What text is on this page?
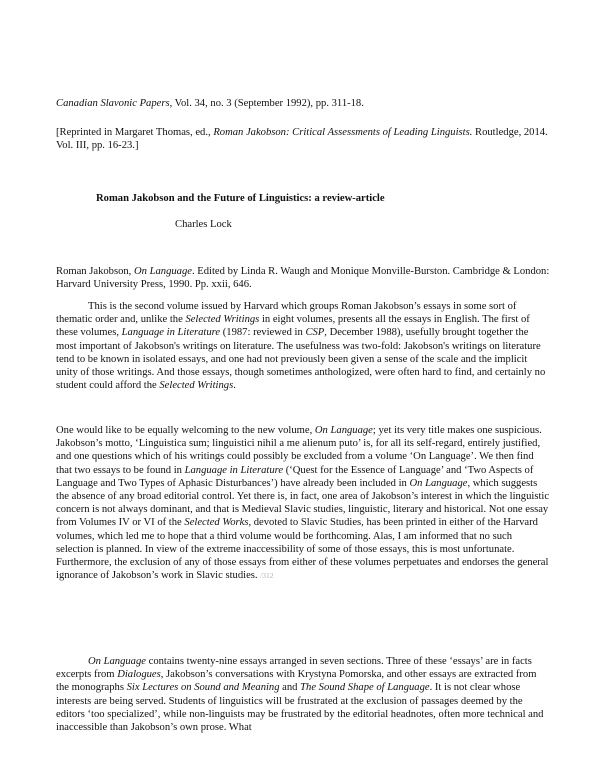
Canadian Slavonic Papers, Vol. 34, no. 3 (September 1992), pp. 311-18.

[Reprinted in Margaret Thomas, ed., Roman Jakobson: Critical Assessments of Leading Linguists. Routledge, 2014. Vol. III, pp. 16-23.]

Roman Jakobson and the Future of Linguistics: a review-article

Charles Lock

Roman Jakobson, On Language. Edited by Linda R. Waugh and Monique Monville-Burston. Cambridge & London: Harvard University Press, 1990. Pp. xxii, 646.

This is the second volume issued by Harvard which groups Roman Jakobson’s essays in some sort of thematic order and, unlike the Selected Writings in eight volumes, presents all the essays in English. The first of these volumes, Language in Literature (1987: reviewed in CSP, December 1988), usefully brought together the most important of Jakobson's writings on literature. The usefulness was two-fold: Jakobson's writings on literature tend to be known in isolated essays, and one had not previously been given a sense of the scale and the implicit unity of those writings. And those essays, though sometimes anthologized, were often hard to find, and certainly no student could afford the Selected Writings.

One would like to be equally welcoming to the new volume, On Language; yet its very title makes one suspicious. Jakobson’s motto, ‘Linguistica sum; linguistici nihil a me alienum puto’ is, for all its self-regard, entirely justified, and one questions which of his writings could possibly be excluded from a volume ‘On Language’. We then find that two essays to be found in Language in Literature (‘Quest for the Essence of Language’ and ‘Two Aspects of Language and Two Types of Aphasic Disturbances’) have already been included in On Language, which suggests the absence of any broad editorial control. Yet there is, in fact, one area of Jakobson’s interest in which the linguistic concern is not always dominant, and that is Medieval Slavic studies, linguistic, literary and historical. Not one essay from Volumes IV or VI of the Selected Works, devoted to Slavic Studies, has been printed in either of the Harvard volumes, which led me to hope that a third volume would be forthcoming. Alas, I am informed that no such selection is planned. In view of the extreme inaccessibility of some of those essays, this is most unfortunate. Furthermore, the exclusion of any of those essays from either of these volumes perpetuates and endorses the general ignorance of Jakobson’s work in Slavic studies. /312

On Language contains twenty-nine essays arranged in seven sections. Three of these ‘essays’ are in facts excerpts from Dialogues, Jakobson’s conversations with Krystyna Pomorska, and other essays are extracted from the monographs Six Lectures on Sound and Meaning and The Sound Shape of Language. It is not clear whose interests are being served. Students of linguistics will be frustrated at the exclusion of passages deemed by the editors ‘too specialized’, while non-linguists may be frustrated by the editorial headnotes, often more technical and inaccessible than Jakobson’s own prose. What
